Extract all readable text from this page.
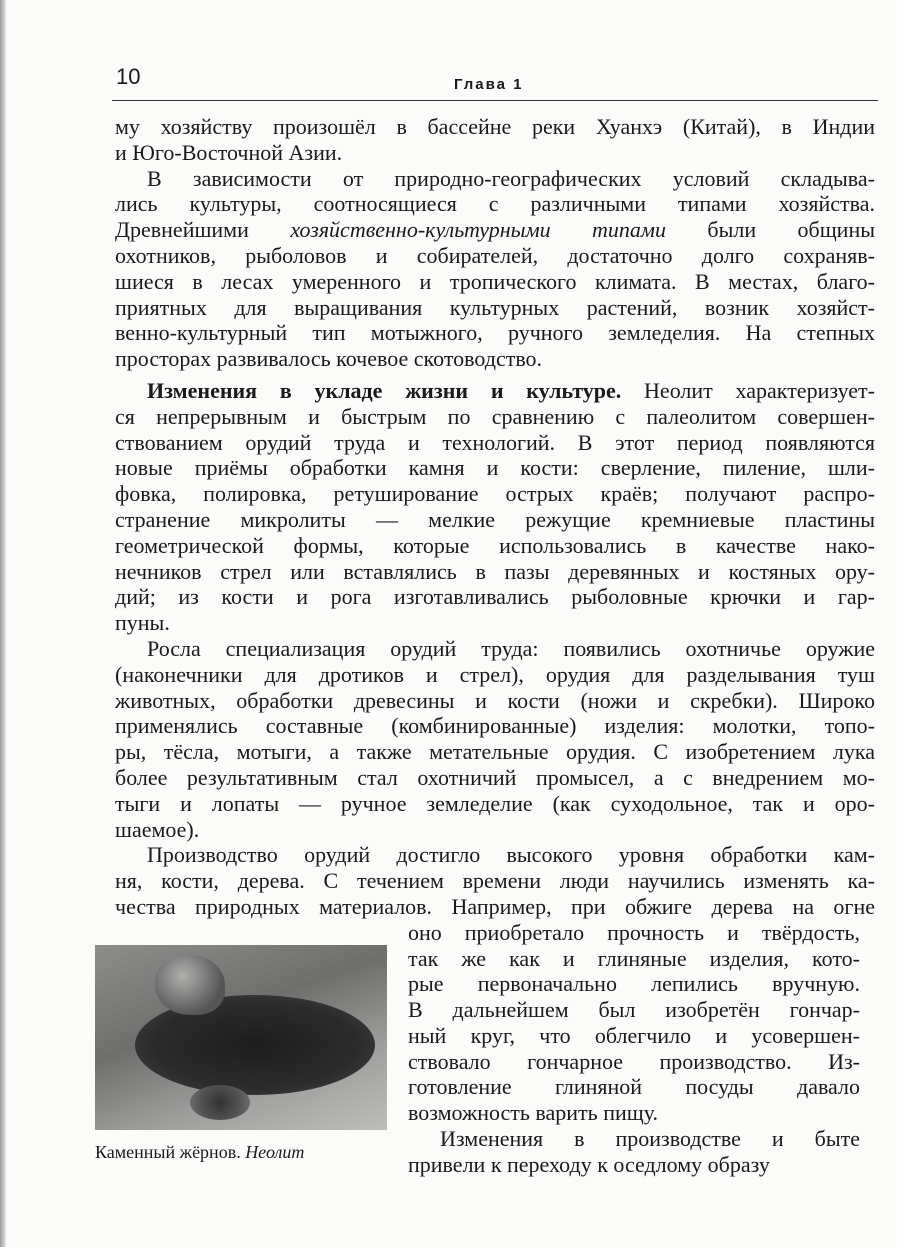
10	Глава 1
му хозяйству произошёл в бассейне реки Хуанхэ (Китай), в Индии
и Юго-Восточной Азии.
В зависимости от природно-географических условий складыва-
лись культуры, соотносящиеся с различными типами хозяйства.
Древнейшими хозяйственно-культурными типами были общины
охотников, рыболовов и собирателей, достаточно долго сохраняв-
шиеся в лесах умеренного и тропического климата. В местах, благо-
приятных для выращивания культурных растений, возник хозяйст-
венно-культурный тип мотыжного, ручного земледелия. На степных
просторах развивалось кочевое скотоводство.
Изменения в укладе жизни и культуре. Неолит характеризует-
ся непрерывным и быстрым по сравнению с палеолитом совершен-
ствованием орудий труда и технологий. В этот период появляются
новые приёмы обработки камня и кости: сверление, пиление, шли-
фовка, полировка, ретуширование острых краёв; получают распро-
странение микролиты — мелкие режущие кремниевые пластины
геометрической формы, которые использовались в качестве нако-
нечников стрел или вставлялись в пазы деревянных и костяных ору-
дий; из кости и рога изготавливались рыболовные крючки и гар-
пуны.
Росла специализация орудий труда: появились охотничье оружие
(наконечники для дротиков и стрел), орудия для разделывания туш
животных, обработки древесины и кости (ножи и скребки). Широко
применялись составные (комбинированные) изделия: молотки, топо-
ры, тёсла, мотыги, а также метательные орудия. С изобретением лука
более результативным стал охотничий промысел, а с внедрением мо-
тыги и лопаты — ручное земледелие (как суходольное, так и оро-
шаемое).
Производство орудий достигло высокого уровня обработки кам-
ня, кости, дерева. С течением времени люди научились изменять ка-
чества природных материалов. Например, при обжиге дерева на огне
оно приобретало прочность и твёрдость,
так же как и глиняные изделия, кото-
рые первоначально лепились вручную.
В дальнейшем был изобретён гончар-
ный круг, что облегчило и усовершен-
ствовало гончарное производство. Из-
готовление глиняной посуды давало
возможность варить пищу.
Изменения в производстве и быте
привели к переходу к оседлому образу
Каменный жёрнов. Неолит
